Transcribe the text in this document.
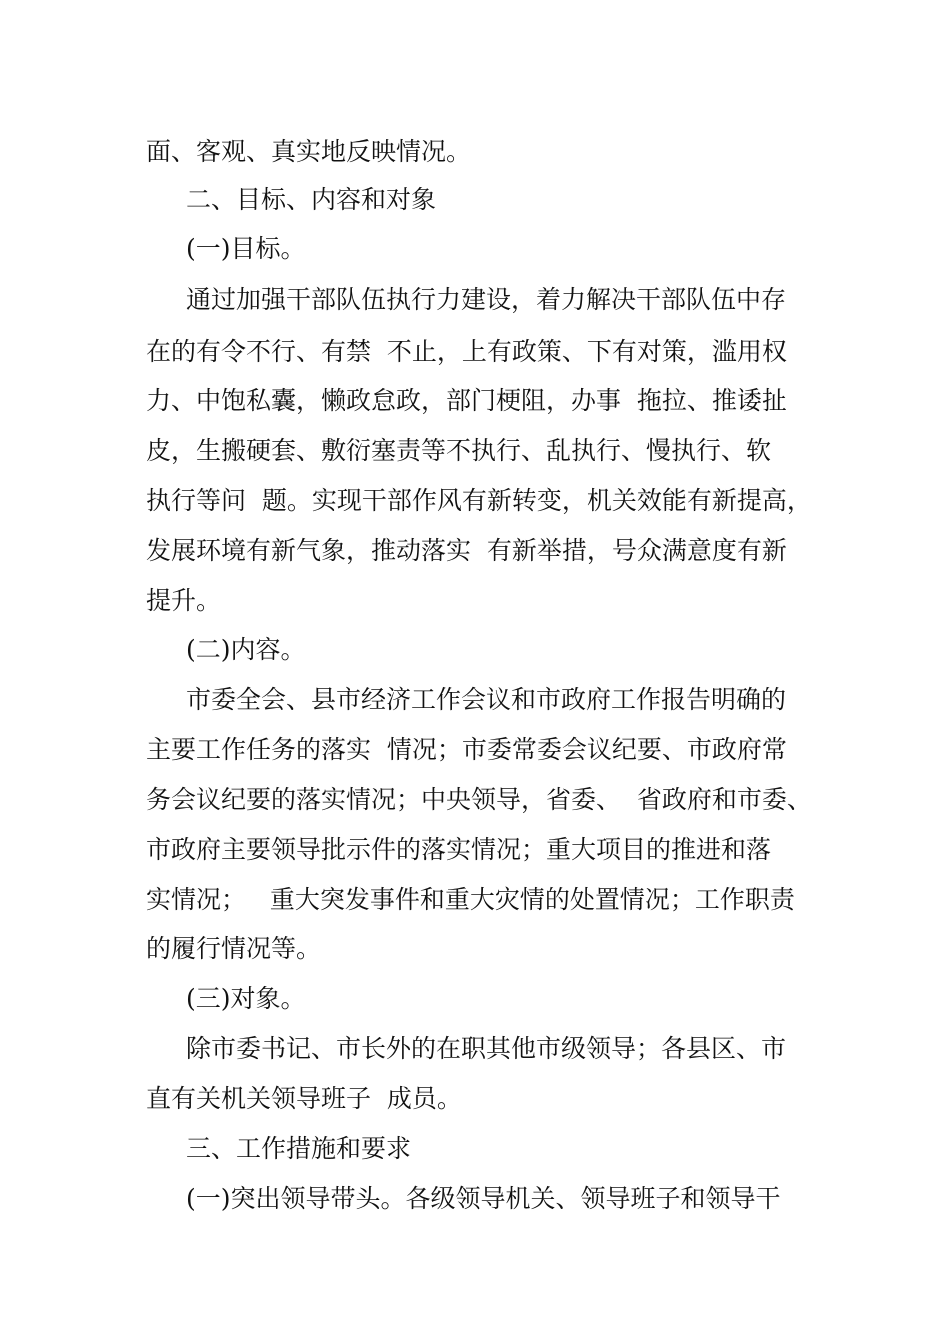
面、客观、真实地反映情况。
二、目标、内容和对象
(一)目标。
通过加强干部队伍执行力建设，着力解决干部队伍中存
在的有令不行、有禁  不止，上有政策、下有对策，滥用权
力、中饱私囊，懒政怠政，部门梗阻，办事  拖拉、推诿扯
皮，生搬硬套、敷衍塞责等不执行、乱执行、慢执行、软
执行等问  题。实现干部作风有新转变，机关效能有新提高，
发展环境有新气象，推动落实  有新举措，号众满意度有新
提升。
(二)内容。
市委全会、县市经济工作会议和市政府工作报告明确的
主要工作任务的落实  情况；市委常委会议纪要、市政府常
务会议纪要的落实情况；中央领导，省委、  省政府和市委、
市政府主要领导批示件的落实情况；重大项目的推进和落
实情况；   重大突发事件和重大灾情的处置情况；工作职责
的履行情况等。
(三)对象。
除市委书记、市长外的在职其他市级领导；各县区、市
直有关机关领导班子  成员。
三、工作措施和要求
(一)突出领导带头。各级领导机关、领导班子和领导干
